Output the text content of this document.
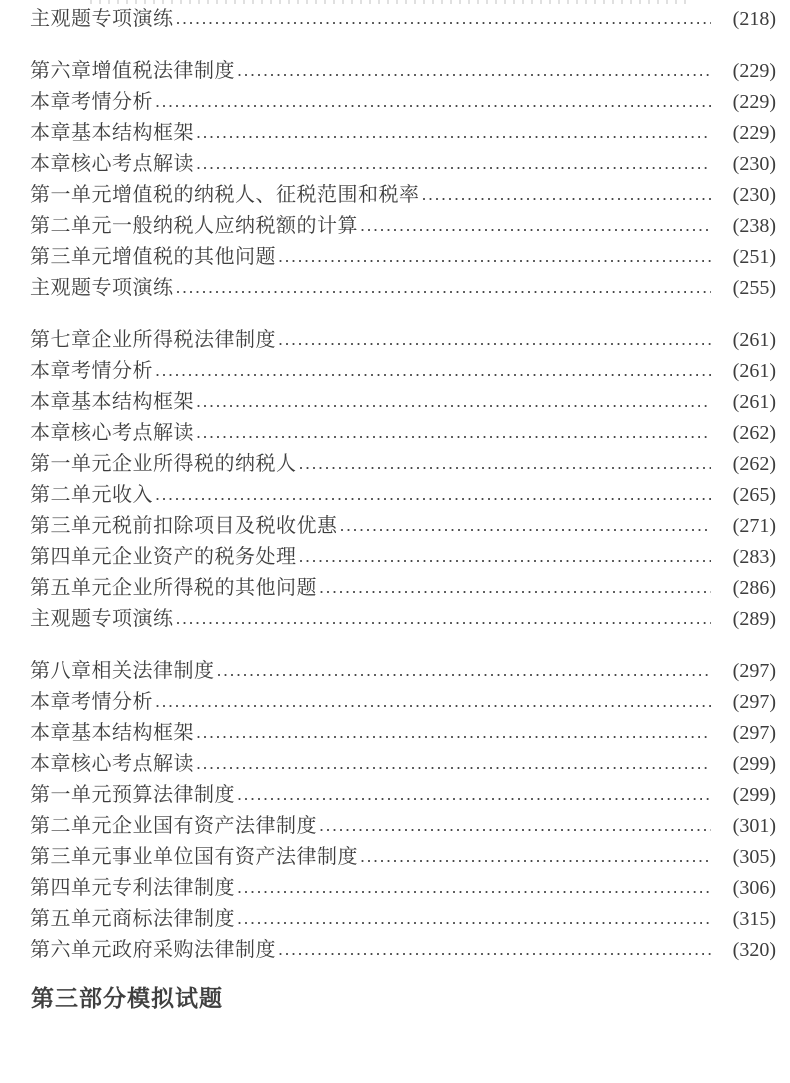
主观题专项演练 .....	(218)
第六章增值税法律制度 .....	(229)
本章考情分析 .....	(229)
本章基本结构框架 .....	(229)
本章核心考点解读 .....	(230)
第一单元增值税的纳税人、征税范围和税率 .....	(230)
第二单元一般纳税人应纳税额的计算 .....	(238)
第三单元增值税的其他问题 .....	(251)
主观题专项演练 .....	(255)
第七章企业所得税法律制度 .....	(261)
本章考情分析 .....	(261)
本章基本结构框架 .....	(261)
本章核心考点解读 .....	(262)
第一单元企业所得税的纳税人 .....	(262)
第二单元收入 .....	(265)
第三单元税前扣除项目及税收优惠 .....	(271)
第四单元企业资产的税务处理 .....	(283)
第五单元企业所得税的其他问题 .....	(286)
主观题专项演练 .....	(289)
第八章相关法律制度 .....	(297)
本章考情分析 .....	(297)
本章基本结构框架 .....	(297)
本章核心考点解读 .....	(299)
第一单元预算法律制度 .....	(299)
第二单元企业国有资产法律制度 .....	(301)
第三单元事业单位国有资产法律制度 .....	(305)
第四单元专利法律制度 .....	(306)
第五单元商标法律制度 .....	(315)
第六单元政府采购法律制度 .....	(320)
第三部分模拟试题
